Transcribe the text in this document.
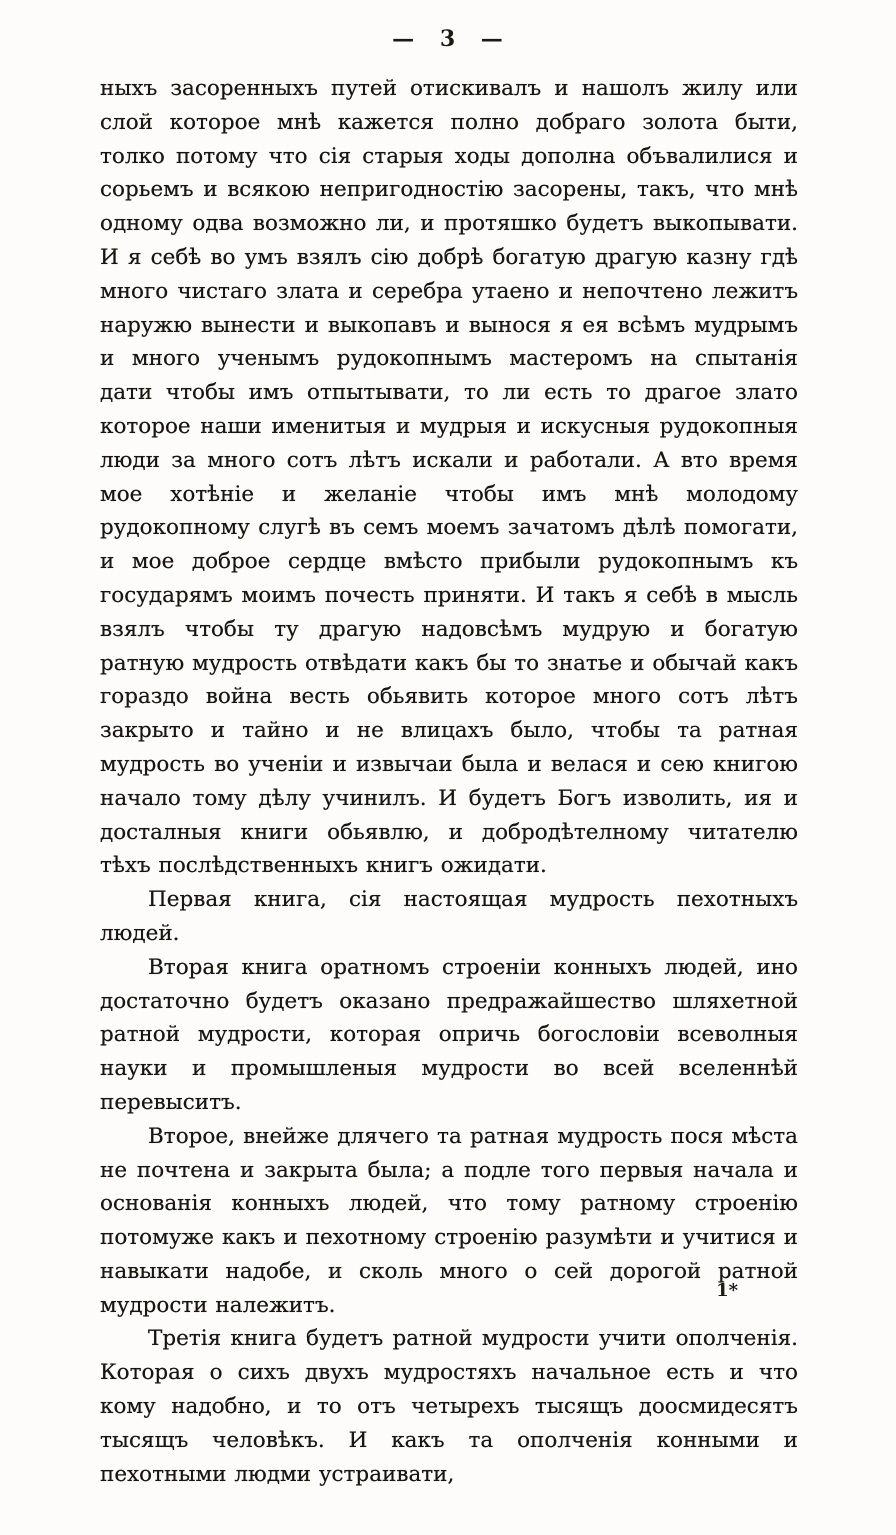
— 3 —

ныхъ засоренныхъ путей отискивалъ и нашолъ жилу или слой которое мнѣ кажется полно добраго золота быти, толко потому что сія старыя ходы дополна объвалилися и сорьемъ и всякою непригодностію засорены, такъ, что мнѣ одному одва возможно ли, и протяшко будетъ выкопывати. И я себѣ во умъ взялъ сію добрѣ богатую драгую казну гдѣ много чистаго злата и серебра утаено и непочтено лежитъ наружю вынести и выкопавъ и вынося я ея всѣмъ мудрымъ и много ученымъ рудокопнымъ мастеромъ на спытанія дати чтобы имъ отпытывати, то ли есть то драгое злато которое наши именитыя и мудрыя и искусныя рудокопныя люди за много сотъ лѣтъ искали и работали. А вто время мое хотѣніе и желаніе чтобы имъ мнѣ молодому рудокопному слугѣ въ семъ моемъ зачатомъ дѣлѣ помогати, и мое доброе сердце вмѣсто прибыли рудокопнымъ къ государямъ моимъ почесть приняти. И такъ я себѣ в мысль взялъ чтобы ту драгую надовсѣмъ мудрую и богатую ратную мудрость отвѣдати какъ бы то знатье и обычай какъ гораздо война весть обьявить которое много сотъ лѣтъ закрыто и тайно и не влицахъ было, чтобы та ратная мудрость во ученіи и извычаи была и велася и сею книгою начало тому дѣлу учинилъ. И будетъ Богъ изволить, ия и досталныя книги обьявлю, и добродѣтелному читателю тѣхъ послѣдственныхъ книгъ ожидати.

Первая книга, сія настоящая мудрость пехотныхъ людей.

Вторая книга оратномъ строеніи конныхъ людей, ино достаточно будетъ оказано предражайшество шляхетной ратной мудрости, которая опричь богословіи всеволныя науки и промышленыя мудрости во всей вселеннѣй перевыситъ.

Второе, внейже длячего та ратная мудрость пося мѣста не почтена и закрыта была; а подле того первыя начала и основанія конныхъ людей, что тому ратному строенію потомуже какъ и пехотному строенію разумѣти и учитися и навыкати надобе, и сколь много о сей дорогой ратной мудрости належитъ.

Третія книга будетъ ратной мудрости учити ополченія. Которая о сихъ двухъ мудростяхъ начальное есть и что кому надобно, и то отъ четырехъ тысящъ доосмидесятъ тысящъ человѣкъ. И какъ та ополченія конными и пехотными людми устраивати,

1*
